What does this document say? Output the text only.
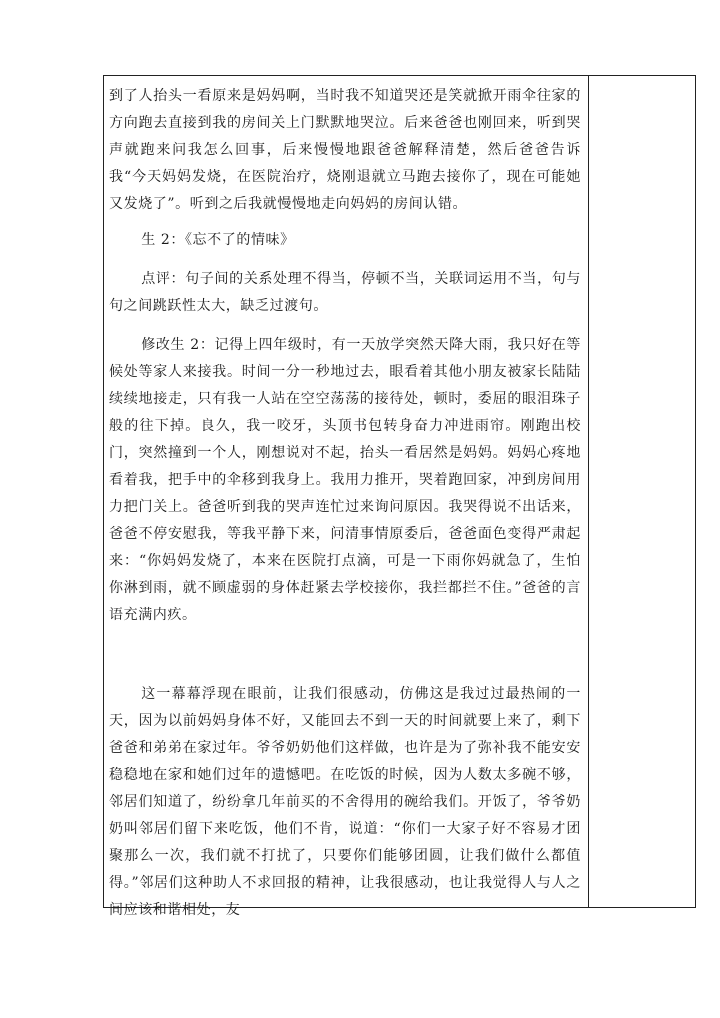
到了人抬头一看原来是妈妈啊，当时我不知道哭还是笑就掀开雨伞往家的方向跑去直接到我的房间关上门默默地哭泣。后来爸爸也刚回来，听到哭声就跑来问我怎么回事，后来慢慢地跟爸爸解释清楚，然后爸爸告诉我“今天妈妈发烧，在医院治疗，烧刚退就立马跑去接你了，现在可能她又发烧了”。听到之后我就慢慢地走向妈妈的房间认错。

生 2：《忘不了的情味》

点评：句子间的关系处理不得当，停顿不当，关联词运用不当，句与句之间跳跃性太大，缺乏过渡句。

修改生 2：记得上四年级时，有一天放学突然天降大雨，我只好在等候处等家人来接我。时间一分一秒地过去，眼看着其他小朋友被家长陆陆续续地接走，只有我一人站在空空荡荡的接待处，顿时，委屈的眼泪珠子般的往下掉。良久，我一咬牙，头顶书包转身奋力冲进雨帘。刚跑出校门，突然撞到一个人，刚想说对不起，抬头一看居然是妈妈。妈妈心疼地看着我，把手中的伞移到我身上。我用力推开，哭着跑回家，冲到房间用力把门关上。爸爸听到我的哭声连忙过来询问原因。我哭得说不出话来，爸爸不停安慰我，等我平静下来，问清事情原委后，爸爸面色变得严肃起来：“你妈妈发烧了，本来在医院打点滴，可是一下雨你妈就急了，生怕你淋到雨，就不顾虚弱的身体赶紧去学校接你，我拦都拦不住。”爸爸的言语充满内疚。

这一幕幕浮现在眼前，让我们很感动，仿佛这是我过过最热闹的一天，因为以前妈妈身体不好，又能回去不到一天的时间就要上来了，剩下爸爸和弟弟在家过年。爷爷奶奶他们这样做，也许是为了弥补我不能安安稳稳地在家和她们过年的遗憾吧。在吃饭的时候，因为人数太多碗不够，邻居们知道了，纷纷拿几年前买的不舍得用的碗给我们。开饭了，爷爷奶奶叫邻居们留下来吃饭，他们不肯，说道：“你们一大家子好不容易才团聚那么一次，我们就不打扰了，只要你们能够团圆，让我们做什么都值得。”邻居们这种助人不求回报的精神，让我很感动，也让我觉得人与人之间应该和谐相处，友
